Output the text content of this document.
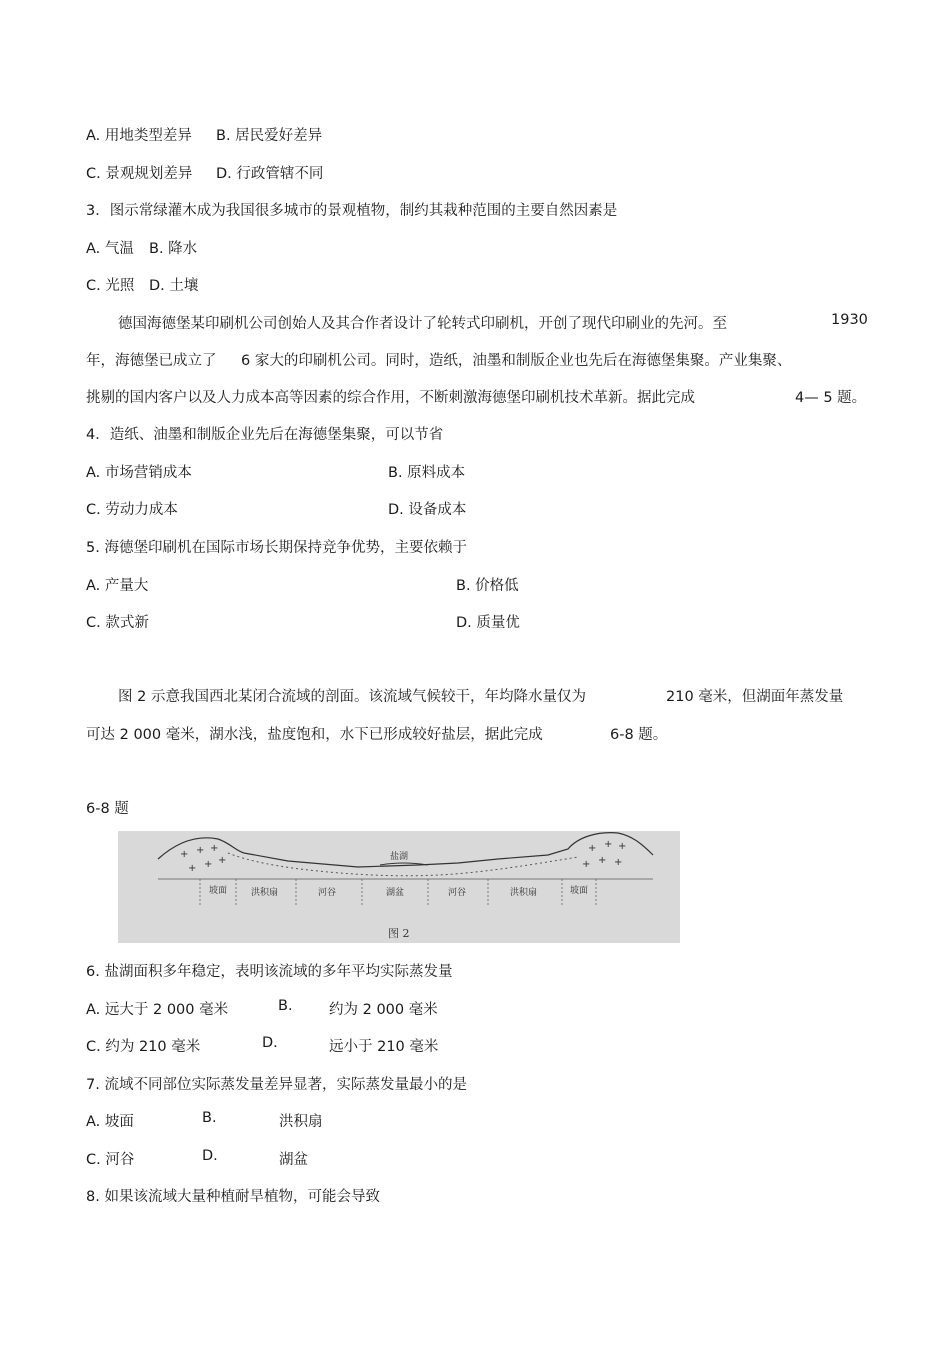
A. 用地类型差异 B. 居民爱好差异
C. 景观规划差异 D. 行政管辖不同
3．图示常绿灌木成为我国很多城市的景观植物，制约其栽种范围的主要自然因素是
A. 气温 B. 降水
C. 光照 D. 土壤
德国海德堡某印刷机公司创始人及其合作者设计了轮转式印刷机，开创了现代印刷业的先河。至	1930
年，海德堡已成立了 6 家大的印刷机公司。同时，造纸，油墨和制版企业也先后在海德堡集聚。产业集聚、
挑剔的国内客户以及人力成本高等因素的综合作用，不断刺激海德堡印刷机技术革新。据此完成	4— 5 题。
4．造纸、油墨和制版企业先后在海德堡集聚，可以节省
A. 市场营销成本	B. 原料成本
C. 劳动力成本	D. 设备成本
5. 海德堡印刷机在国际市场长期保持竞争优势，主要依赖于
A. 产量大	B. 价格低
C. 款式新	D. 质量优
图 2 示意我国西北某闭合流域的剖面。该流域气候较干，年均降水量仅为	210 毫米，但湖面年蒸发量
可达 2 000 毫米，湖水浅，盐度饱和，水下已形成较好盐层，据此完成	6-8 题。
6-8 题
+ + +
+ + +
+ + +
+ + +
盐湖
坡面	洪积扇	河谷	湖盆	河谷	洪积扇	坡面
图 2
6. 盐湖面积多年稳定，表明该流域的多年平均实际蒸发量
A. 远大于 2 000 毫米	B.	约为 2 000 毫米
C. 约为 210 毫米	D.	远小于 210 毫米
7. 流域不同部位实际蒸发量差异显著，实际蒸发量最小的是
A. 坡面	B.	洪积扇
C. 河谷	D.	湖盆
8. 如果该流域大量种植耐旱植物，可能会导致
